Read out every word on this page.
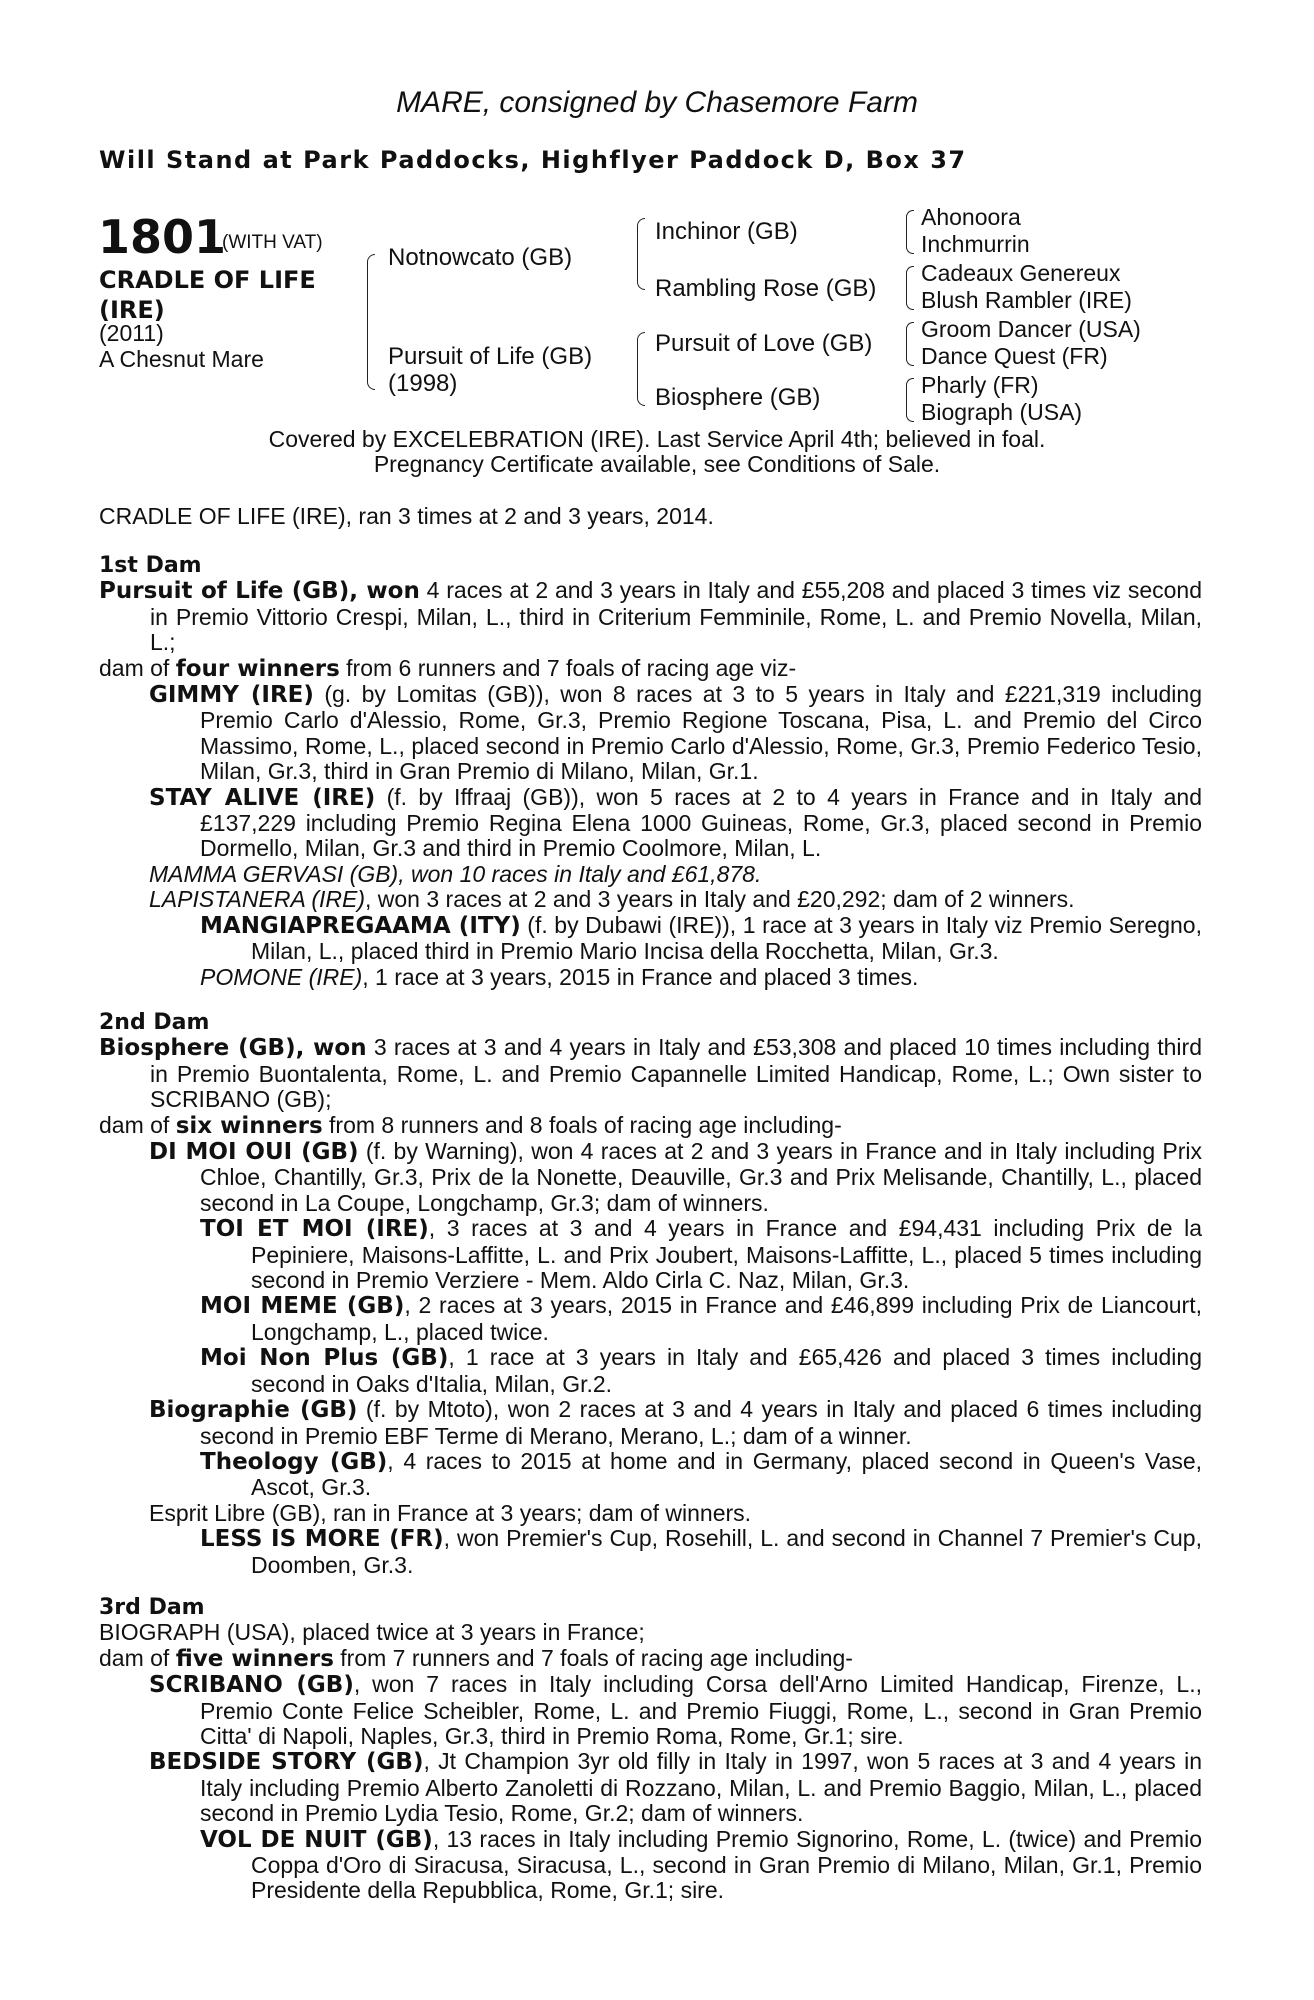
MARE, consigned by Chasemore Farm
Will Stand at Park Paddocks, Highflyer Paddock D, Box 37
1801
(WITH VAT)
CRADLE OF LIFE (IRE)
(2011)
A Chesnut Mare
Notnowcato (GB)
Pursuit of Life (GB)
(1998)
Inchinor (GB)
Rambling Rose (GB)
Pursuit of Love (GB)
Biosphere (GB)
Ahonoora
Inchmurrin
Cadeaux Genereux
Blush Rambler (IRE)
Groom Dancer (USA)
Dance Quest (FR)
Pharly (FR)
Biograph (USA)
Covered by EXCELEBRATION (IRE). Last Service April 4th; believed in foal.
Pregnancy Certificate available, see Conditions of Sale.
CRADLE OF LIFE (IRE), ran 3 times at 2 and 3 years, 2014.

1st Dam

Pursuit of Life (GB), won 4 races at 2 and 3 years in Italy and £55,208 and placed 3 times viz second in Premio Vittorio Crespi, Milan, L., third in Criterium Femminile, Rome, L. and Premio Novella, Milan, L.;

dam of four winners from 6 runners and 7 foals of racing age viz-

GIMMY (IRE) (g. by Lomitas (GB)), won 8 races at 3 to 5 years in Italy and £221,319 including Premio Carlo d'Alessio, Rome, Gr.3, Premio Regione Toscana, Pisa, L. and Premio del Circo Massimo, Rome, L., placed second in Premio Carlo d'Alessio, Rome, Gr.3, Premio Federico Tesio, Milan, Gr.3, third in Gran Premio di Milano, Milan, Gr.1.

STAY ALIVE (IRE) (f. by Iffraaj (GB)), won 5 races at 2 to 4 years in France and in Italy and £137,229 including Premio Regina Elena 1000 Guineas, Rome, Gr.3, placed second in Premio Dormello, Milan, Gr.3 and third in Premio Coolmore, Milan, L.

MAMMA GERVASI (GB), won 10 races in Italy and £61,878.

LAPISTANERA (IRE), won 3 races at 2 and 3 years in Italy and £20,292; dam of 2 winners.

MANGIAPREGAAMA (ITY) (f. by Dubawi (IRE)), 1 race at 3 years in Italy viz Premio Seregno, Milan, L., placed third in Premio Mario Incisa della Rocchetta, Milan, Gr.3.

POMONE (IRE), 1 race at 3 years, 2015 in France and placed 3 times.

2nd Dam

Biosphere (GB), won 3 races at 3 and 4 years in Italy and £53,308 and placed 10 times including third in Premio Buontalenta, Rome, L. and Premio Capannelle Limited Handicap, Rome, L.; Own sister to SCRIBANO (GB);

dam of six winners from 8 runners and 8 foals of racing age including-

DI MOI OUI (GB) (f. by Warning), won 4 races at 2 and 3 years in France and in Italy including Prix Chloe, Chantilly, Gr.3, Prix de la Nonette, Deauville, Gr.3 and Prix Melisande, Chantilly, L., placed second in La Coupe, Longchamp, Gr.3; dam of winners.

TOI ET MOI (IRE), 3 races at 3 and 4 years in France and £94,431 including Prix de la Pepiniere, Maisons-Laffitte, L. and Prix Joubert, Maisons-Laffitte, L., placed 5 times including second in Premio Verziere - Mem. Aldo Cirla C. Naz, Milan, Gr.3.

MOI MEME (GB), 2 races at 3 years, 2015 in France and £46,899 including Prix de Liancourt, Longchamp, L., placed twice.

Moi Non Plus (GB), 1 race at 3 years in Italy and £65,426 and placed 3 times including second in Oaks d'Italia, Milan, Gr.2.

Biographie (GB) (f. by Mtoto), won 2 races at 3 and 4 years in Italy and placed 6 times including second in Premio EBF Terme di Merano, Merano, L.; dam of a winner.

Theology (GB), 4 races to 2015 at home and in Germany, placed second in Queen's Vase, Ascot, Gr.3.

Esprit Libre (GB), ran in France at 3 years; dam of winners.

LESS IS MORE (FR), won Premier's Cup, Rosehill, L. and second in Channel 7 Premier's Cup, Doomben, Gr.3.

3rd Dam

BIOGRAPH (USA), placed twice at 3 years in France;

dam of five winners from 7 runners and 7 foals of racing age including-

SCRIBANO (GB), won 7 races in Italy including Corsa dell'Arno Limited Handicap, Firenze, L., Premio Conte Felice Scheibler, Rome, L. and Premio Fiuggi, Rome, L., second in Gran Premio Citta' di Napoli, Naples, Gr.3, third in Premio Roma, Rome, Gr.1; sire.

BEDSIDE STORY (GB), Jt Champion 3yr old filly in Italy in 1997, won 5 races at 3 and 4 years in Italy including Premio Alberto Zanoletti di Rozzano, Milan, L. and Premio Baggio, Milan, L., placed second in Premio Lydia Tesio, Rome, Gr.2; dam of winners.

VOL DE NUIT (GB), 13 races in Italy including Premio Signorino, Rome, L. (twice) and Premio Coppa d'Oro di Siracusa, Siracusa, L., second in Gran Premio di Milano, Milan, Gr.1, Premio Presidente della Repubblica, Rome, Gr.1; sire.
